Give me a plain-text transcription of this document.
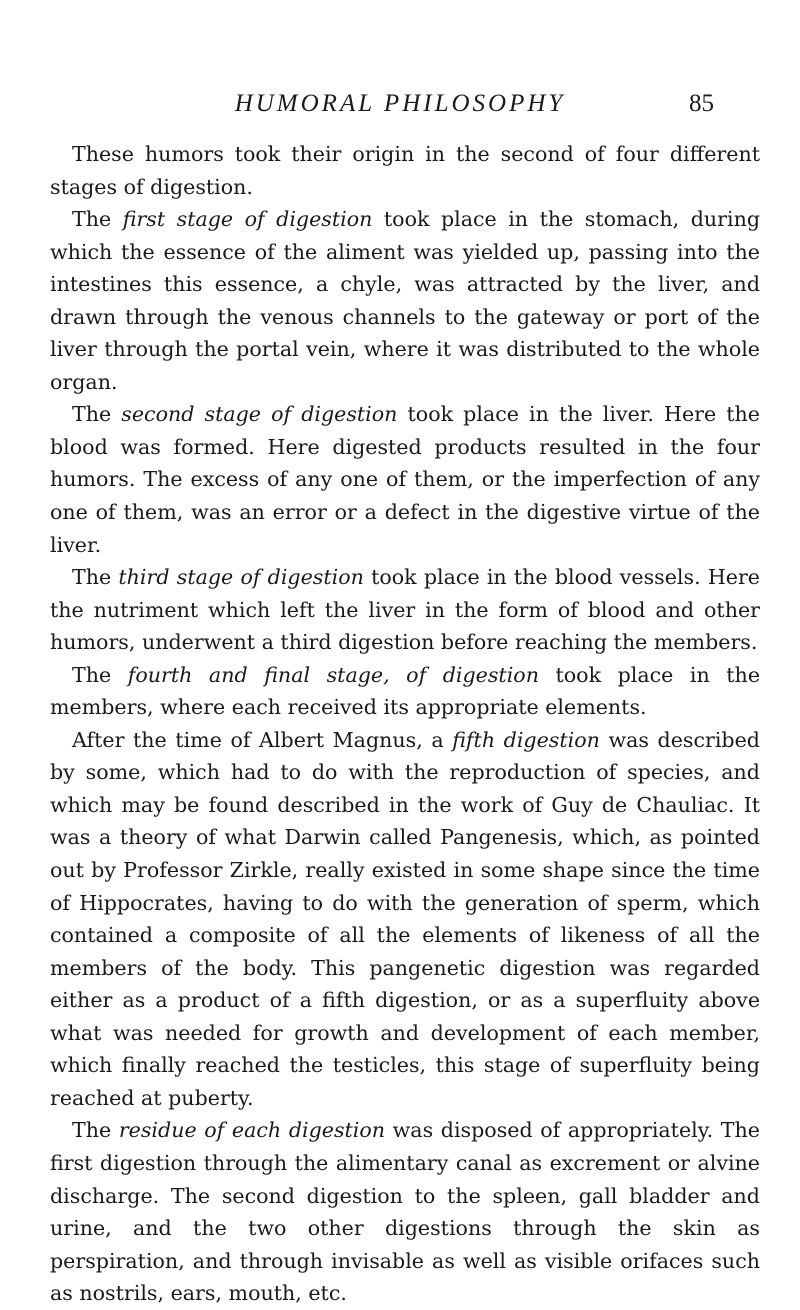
HUMORAL PHILOSOPHY	85

These humors took their origin in the second of four different stages of digestion.

The first stage of digestion took place in the stomach, during which the essence of the aliment was yielded up, passing into the intestines this essence, a chyle, was attracted by the liver, and drawn through the venous channels to the gateway or port of the liver through the portal vein, where it was distributed to the whole organ.

The second stage of digestion took place in the liver. Here the blood was formed. Here digested products resulted in the four humors. The excess of any one of them, or the imperfection of any one of them, was an error or a defect in the digestive virtue of the liver.

The third stage of digestion took place in the blood vessels. Here the nutriment which left the liver in the form of blood and other humors, underwent a third digestion before reaching the members.

The fourth and final stage, of digestion took place in the members, where each received its appropriate elements.

After the time of Albert Magnus, a fifth digestion was described by some, which had to do with the reproduction of species, and which may be found described in the work of Guy de Chauliac. It was a theory of what Darwin called Pangenesis, which, as pointed out by Professor Zirkle, really existed in some shape since the time of Hippocrates, having to do with the generation of sperm, which contained a composite of all the elements of likeness of all the members of the body. This pangenetic digestion was regarded either as a product of a fifth digestion, or as a superfluity above what was needed for growth and development of each member, which finally reached the testicles, this stage of superfluity being reached at puberty.

The residue of each digestion was disposed of appropriately. The first digestion through the alimentary canal as excrement or alvine discharge. The second digestion to the spleen, gall bladder and urine, and the two other digestions through the skin as perspiration, and through invisable as well as visible orifaces such as nostrils, ears, mouth, etc.
